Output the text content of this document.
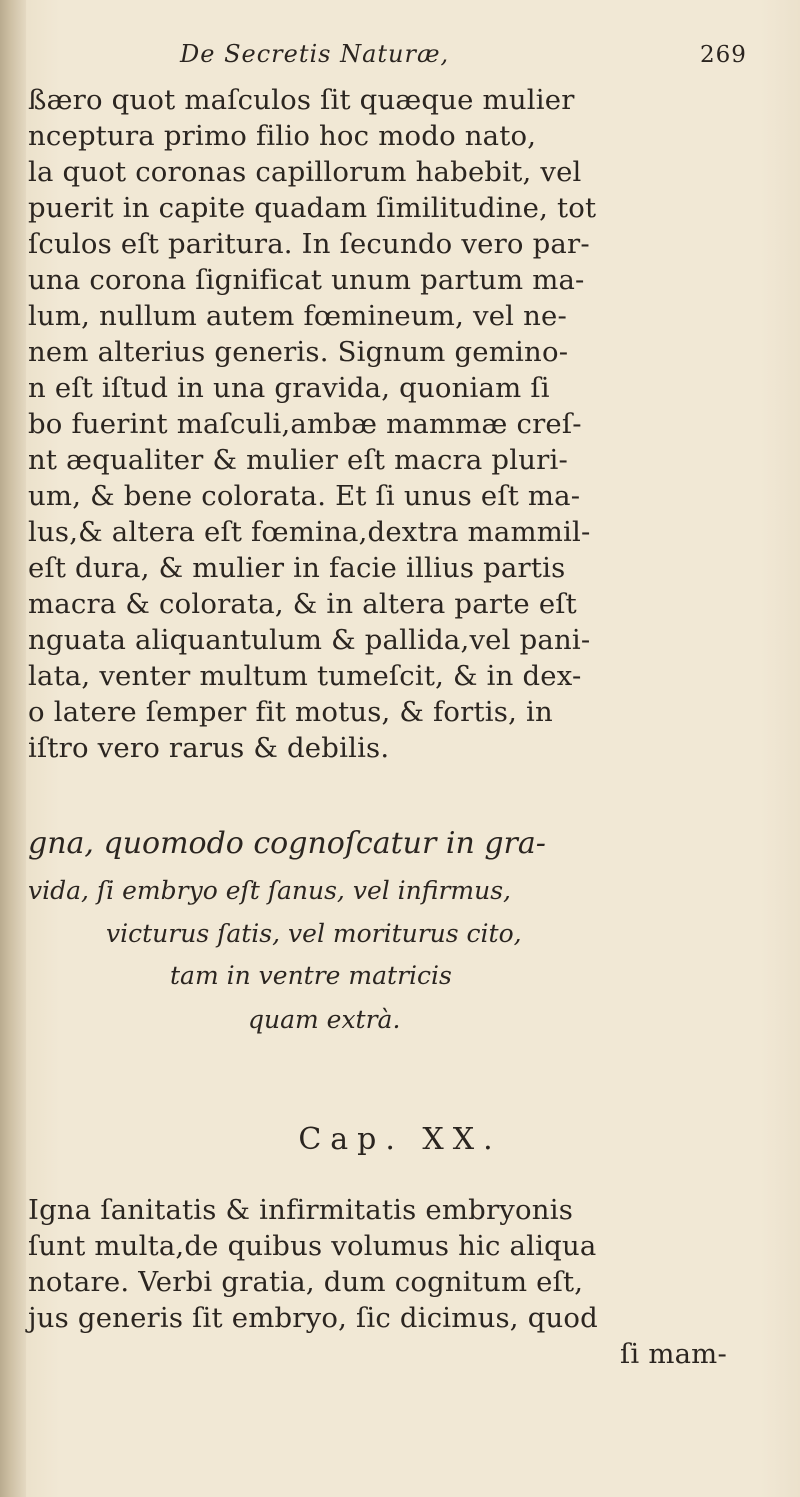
De Secretis Naturæ,	269
ßæro quot maſculos ſit quæque mulier
nceptura primo filio hoc modo nato,
la quot coronas capillorum habebit, vel
puerit in capite quadam ſimilitudine, tot
ſculos eſt paritura. In ſecundo vero par-
una corona ſignificat unum partum ma-
lum, nullum autem fœmineum, vel ne-
nem alterius generis. Signum gemino-
n eſt iſtud in una gravida, quoniam ſi
bo fuerint maſculi,ambæ mammæ creſ-
nt æqualiter & mulier eſt macra pluri-
um, & bene colorata. Et ſi unus eſt ma-
lus,& altera eſt fœmina,dextra mammil-
eſt dura, & mulier in facie illius partis
macra & colorata, & in altera parte eſt
nguata aliquantulum & pallida,vel pani-
lata, venter multum tumeſcit, & in dex-
o latere ſemper fit motus, & fortis, in
iſtro vero rarus & debilis.
gna, quomodo cognoſcatur in gra-
vida, ſi embryo eſt ſanus, vel infirmus,
victurus ſatis, vel moriturus cito,
tam in ventre matricis
quam extrà.
Cap. XX.
Igna ſanitatis & infirmitatis embryonis
ſunt multa,de quibus volumus hic aliqua
notare. Verbi gratia, dum cognitum eſt,
jus generis ſit embryo, ſic dicimus, quod
ſi mam-
